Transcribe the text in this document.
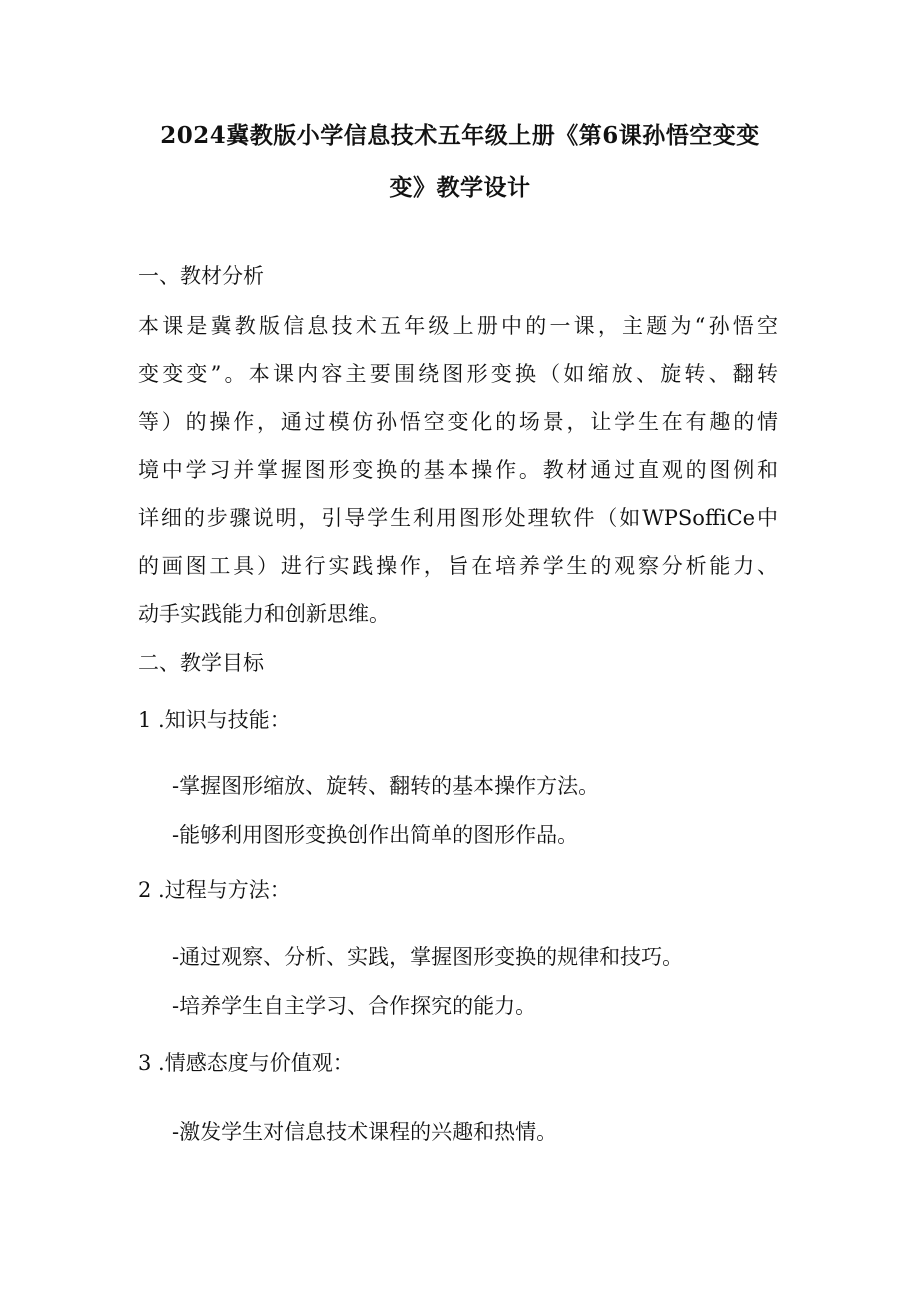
2024冀教版小学信息技术五年级上册《第6课孙悟空变变
变》教学设计
一、教材分析
本课是冀教版信息技术五年级上册中的一课，主题为“孙悟空
变变变”。本课内容主要围绕图形变换（如缩放、旋转、翻转
等）的操作，通过模仿孙悟空变化的场景，让学生在有趣的情
境中学习并掌握图形变换的基本操作。教材通过直观的图例和
详细的步骤说明，引导学生利用图形处理软件（如WPSoffiCe中
的画图工具）进行实践操作，旨在培养学生的观察分析能力、
动手实践能力和创新思维。
二、教学目标
1 .知识与技能：
-掌握图形缩放、旋转、翻转的基本操作方法。
-能够利用图形变换创作出简单的图形作品。
2 .过程与方法：
-通过观察、分析、实践，掌握图形变换的规律和技巧。
-培养学生自主学习、合作探究的能力。
3 .情感态度与价值观：
-激发学生对信息技术课程的兴趣和热情。
